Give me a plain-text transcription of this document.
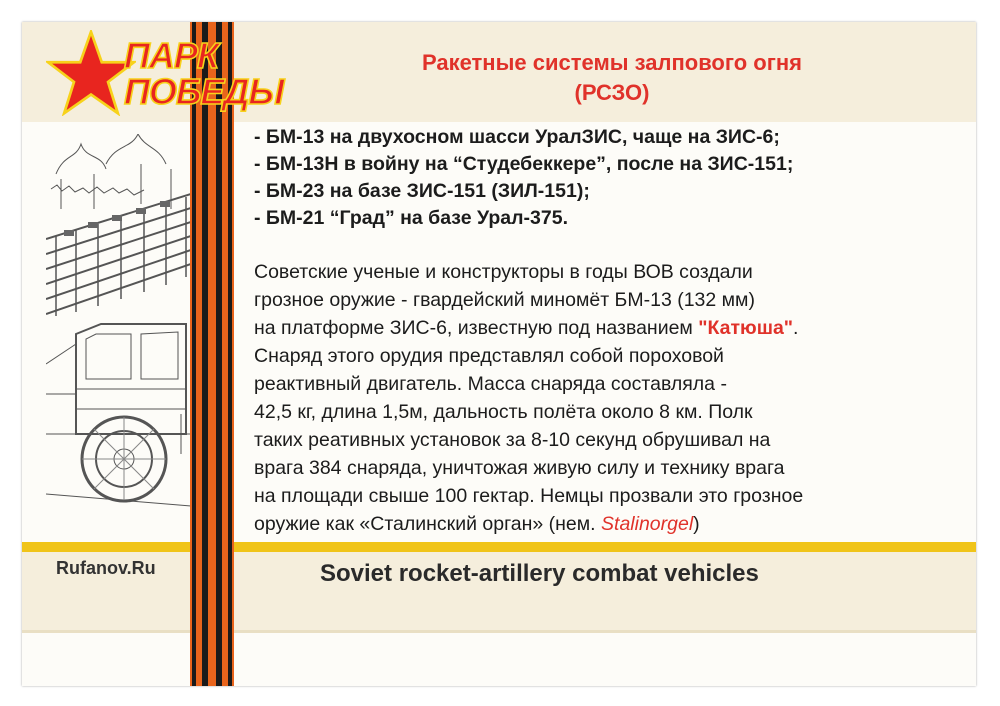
ПАРК
ПОБЕДЫ
Ракетные системы залпового огня
(РСЗО)
- БМ-13 на двухосном шасси УралЗИС, чаще на ЗИС-6;
- БМ-13Н в войну на “Студебеккере”, после на ЗИС-151;
- БМ-23 на базе ЗИС-151 (ЗИЛ-151);
- БМ-21 “Град” на базе Урал-375.
Советские ученые и конструкторы в годы ВОВ создали
грозное оружие - гвардейский миномёт БМ-13 (132 мм)
на платформе ЗИС-6, известную под названием "Катюша".
Снаряд этого орудия представлял собой пороховой
реактивный двигатель. Масса снаряда составляла -
42,5 кг, длина 1,5м, дальность полёта около 8 км. Полк
таких реативных установок за 8-10 секунд обрушивал на
врага 384 снаряда, уничтожая живую силу и технику врага
на площади свыше 100 гектар. Немцы прозвали это грозное
оружие как «Сталинский орган» (нем. Stalinorgel)
Rufanov.Ru	Soviet rocket-artillery combat vehicles
